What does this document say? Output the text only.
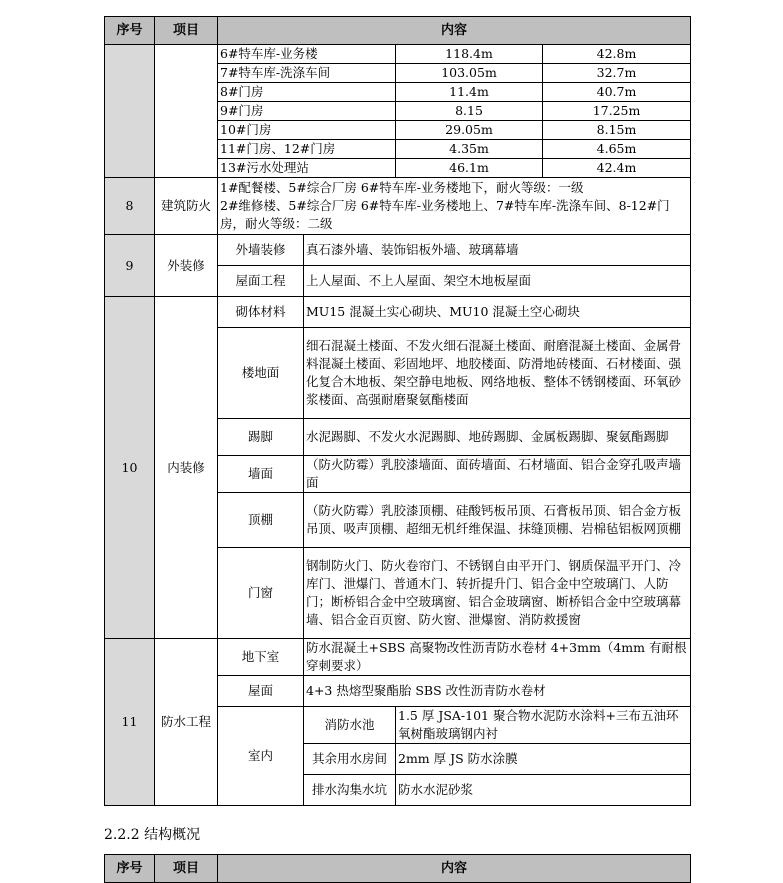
序号	项目	内容			
		6#特车库-业务楼		118.4m	42.8m
		7#特车库-洗涤车间		103.05m	32.7m
		8#门房		11.4m	40.7m
		9#门房		8.15	17.25m
		10#门房		29.05m	8.15m
		11#门房、12#门房		4.35m	4.65m
		13#污水处理站		46.1m	42.4m
8	建筑防火	1#配餐楼、5#综合厂房 6#特车库-业务楼地下，耐火等级：一级
2#维修楼、5#综合厂房 6#特车库-业务楼地上、7#特车库-洗涤车间、8-12#门房，耐火等级：二级			

9	外装修	外墙装修	真石漆外墙、装饰铝板外墙、玻璃幕墙		
		屋面工程	上人屋面、不上人屋面、架空木地板屋面		
10	内装修	砌体材料	MU15 混凝土实心砌块、MU10 混凝土空心砌块		
		楼地面	细石混凝土楼面、不发火细石混凝土楼面、耐磨混凝土楼面、金属骨料混凝土楼面、彩固地坪、地胶楼面、防滑地砖楼面、石材楼面、强化复合木地板、架空静电地板、网络地板、整体不锈钢楼面、环氧砂浆楼面、高强耐磨聚氨酯楼面		
		踢脚	水泥踢脚、不发火水泥踢脚、地砖踢脚、金属板踢脚、聚氨酯踢脚		
		墙面	（防火防霉）乳胶漆墙面、面砖墙面、石材墙面、铝合金穿孔吸声墙面		
		顶棚	（防火防霉）乳胶漆顶棚、硅酸钙板吊顶、石膏板吊顶、铝合金方板吊顶、吸声顶棚、超细无机纤维保温、抹缝顶棚、岩棉毡铝板网顶棚		
		门窗	钢制防火门、防火卷帘门、不锈钢自由平开门、钢质保温平开门、冷库门、泄爆门、普通木门、转折提升门、铝合金中空玻璃门、人防门；断桥铝合金中空玻璃窗、铝合金玻璃窗、断桥铝合金中空玻璃幕墙、铝合金百页窗、防火窗、泄爆窗、消防救援窗		
11	防水工程	地下室	防水混凝土+SBS 高聚物改性沥青防水卷材 4+3mm（4mm 有耐根穿刺要求）		
		屋面	4+3 热熔型聚酯胎 SBS 改性沥青防水卷材		
		室内	消防水池	1.5 厚 JSA-101 聚合物水泥防水涂料+三布五油环氧树酯玻璃钢内衬	
			其余用水房间	2mm 厚 JS 防水涂膜	
			排水沟集水坑	防水水泥砂浆	
2.2.2 结构概况
序号	项目	内容
